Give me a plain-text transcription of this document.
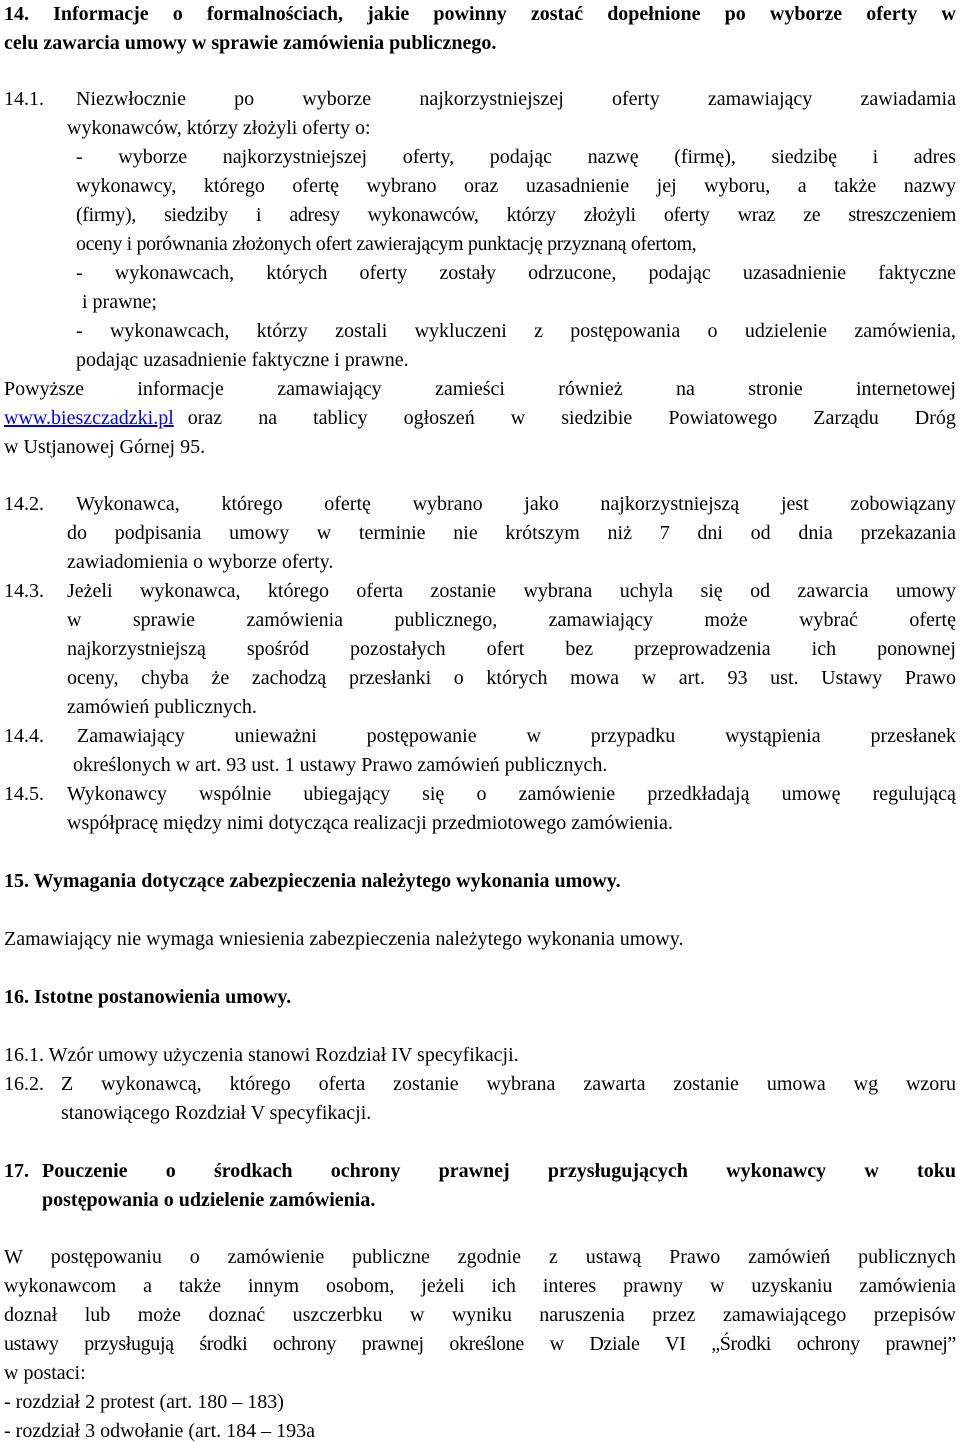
14. Informacje o formalnościach, jakie powinny zostać dopełnione po wyborze oferty w
celu zawarcia umowy w sprawie zamówienia publicznego.
14.1. Niezwłocznie po wyborze najkorzystniejszej oferty zamawiający zawiadamia
wykonawców, którzy złożyli oferty o:
- wyborze najkorzystniejszej oferty, podając nazwę (firmę), siedzibę i adres
wykonawcy, którego ofertę wybrano oraz uzasadnienie jej wyboru, a także nazwy
(firmy), siedziby i adresy wykonawców, którzy złożyli oferty wraz ze streszczeniem
oceny i porównania złożonych ofert zawierającym punktację przyznaną ofertom,
- wykonawcach, których oferty zostały odrzucone, podając uzasadnienie faktyczne
i prawne;
- wykonawcach, którzy zostali wykluczeni z postępowania o udzielenie zamówienia,
podając uzasadnienie faktyczne i prawne.
Powyższe	informacje	zamawiający	zamieści	również	na	stronie	internetowej
www.bieszczadzki.pl oraz na tablicy ogłoszeń w siedzibie Powiatowego Zarządu Dróg
w Ustjanowej Górnej 95.
14.2. Wykonawca, którego ofertę wybrano jako najkorzystniejszą jest zobowiązany
do podpisania umowy w terminie nie krótszym niż 7 dni od dnia przekazania
zawiadomienia o wyborze oferty.
14.3. Jeżeli wykonawca, którego oferta zostanie wybrana uchyla się od zawarcia umowy
w	sprawie	zamówienia	publicznego,	zamawiający	może	wybrać	ofertę
najkorzystniejszą spośród pozostałych ofert bez przeprowadzenia ich ponownej
oceny, chyba że zachodzą przesłanki o których mowa w art. 93 ust. Ustawy Prawo
zamówień publicznych.
14.4. Zamawiający unieważni postępowanie w przypadku wystąpienia przesłanek
określonych w art. 93 ust. 1 ustawy Prawo zamówień publicznych.
14.5. Wykonawcy wspólnie ubiegający się o zamówienie przedkładają umowę regulującą
współpracę między nimi dotycząca realizacji przedmiotowego zamówienia.
15. Wymagania dotyczące zabezpieczenia należytego wykonania umowy.
Zamawiający nie wymaga wniesienia zabezpieczenia należytego wykonania umowy.
16. Istotne postanowienia umowy.
16.1. Wzór umowy użyczenia stanowi Rozdział IV specyfikacji.
16.2. Z wykonawcą, którego oferta zostanie wybrana zawarta zostanie umowa wg wzoru
stanowiącego Rozdział V specyfikacji.
17. Pouczenie o środkach ochrony prawnej przysługujących wykonawcy w toku
postępowania o udzielenie zamówienia.
W postępowaniu o zamówienie publiczne zgodnie z ustawą Prawo zamówień publicznych
wykonawcom a także innym osobom, jeżeli ich interes prawny w uzyskaniu zamówienia
doznał lub może doznać uszczerbku w wyniku naruszenia przez zamawiającego przepisów
ustawy przysługują środki ochrony prawnej określone w Dziale VI „Środki ochrony prawnej”
w postaci:
- rozdział 2 protest (art. 180 – 183)
- rozdział 3 odwołanie (art. 184 – 193a
